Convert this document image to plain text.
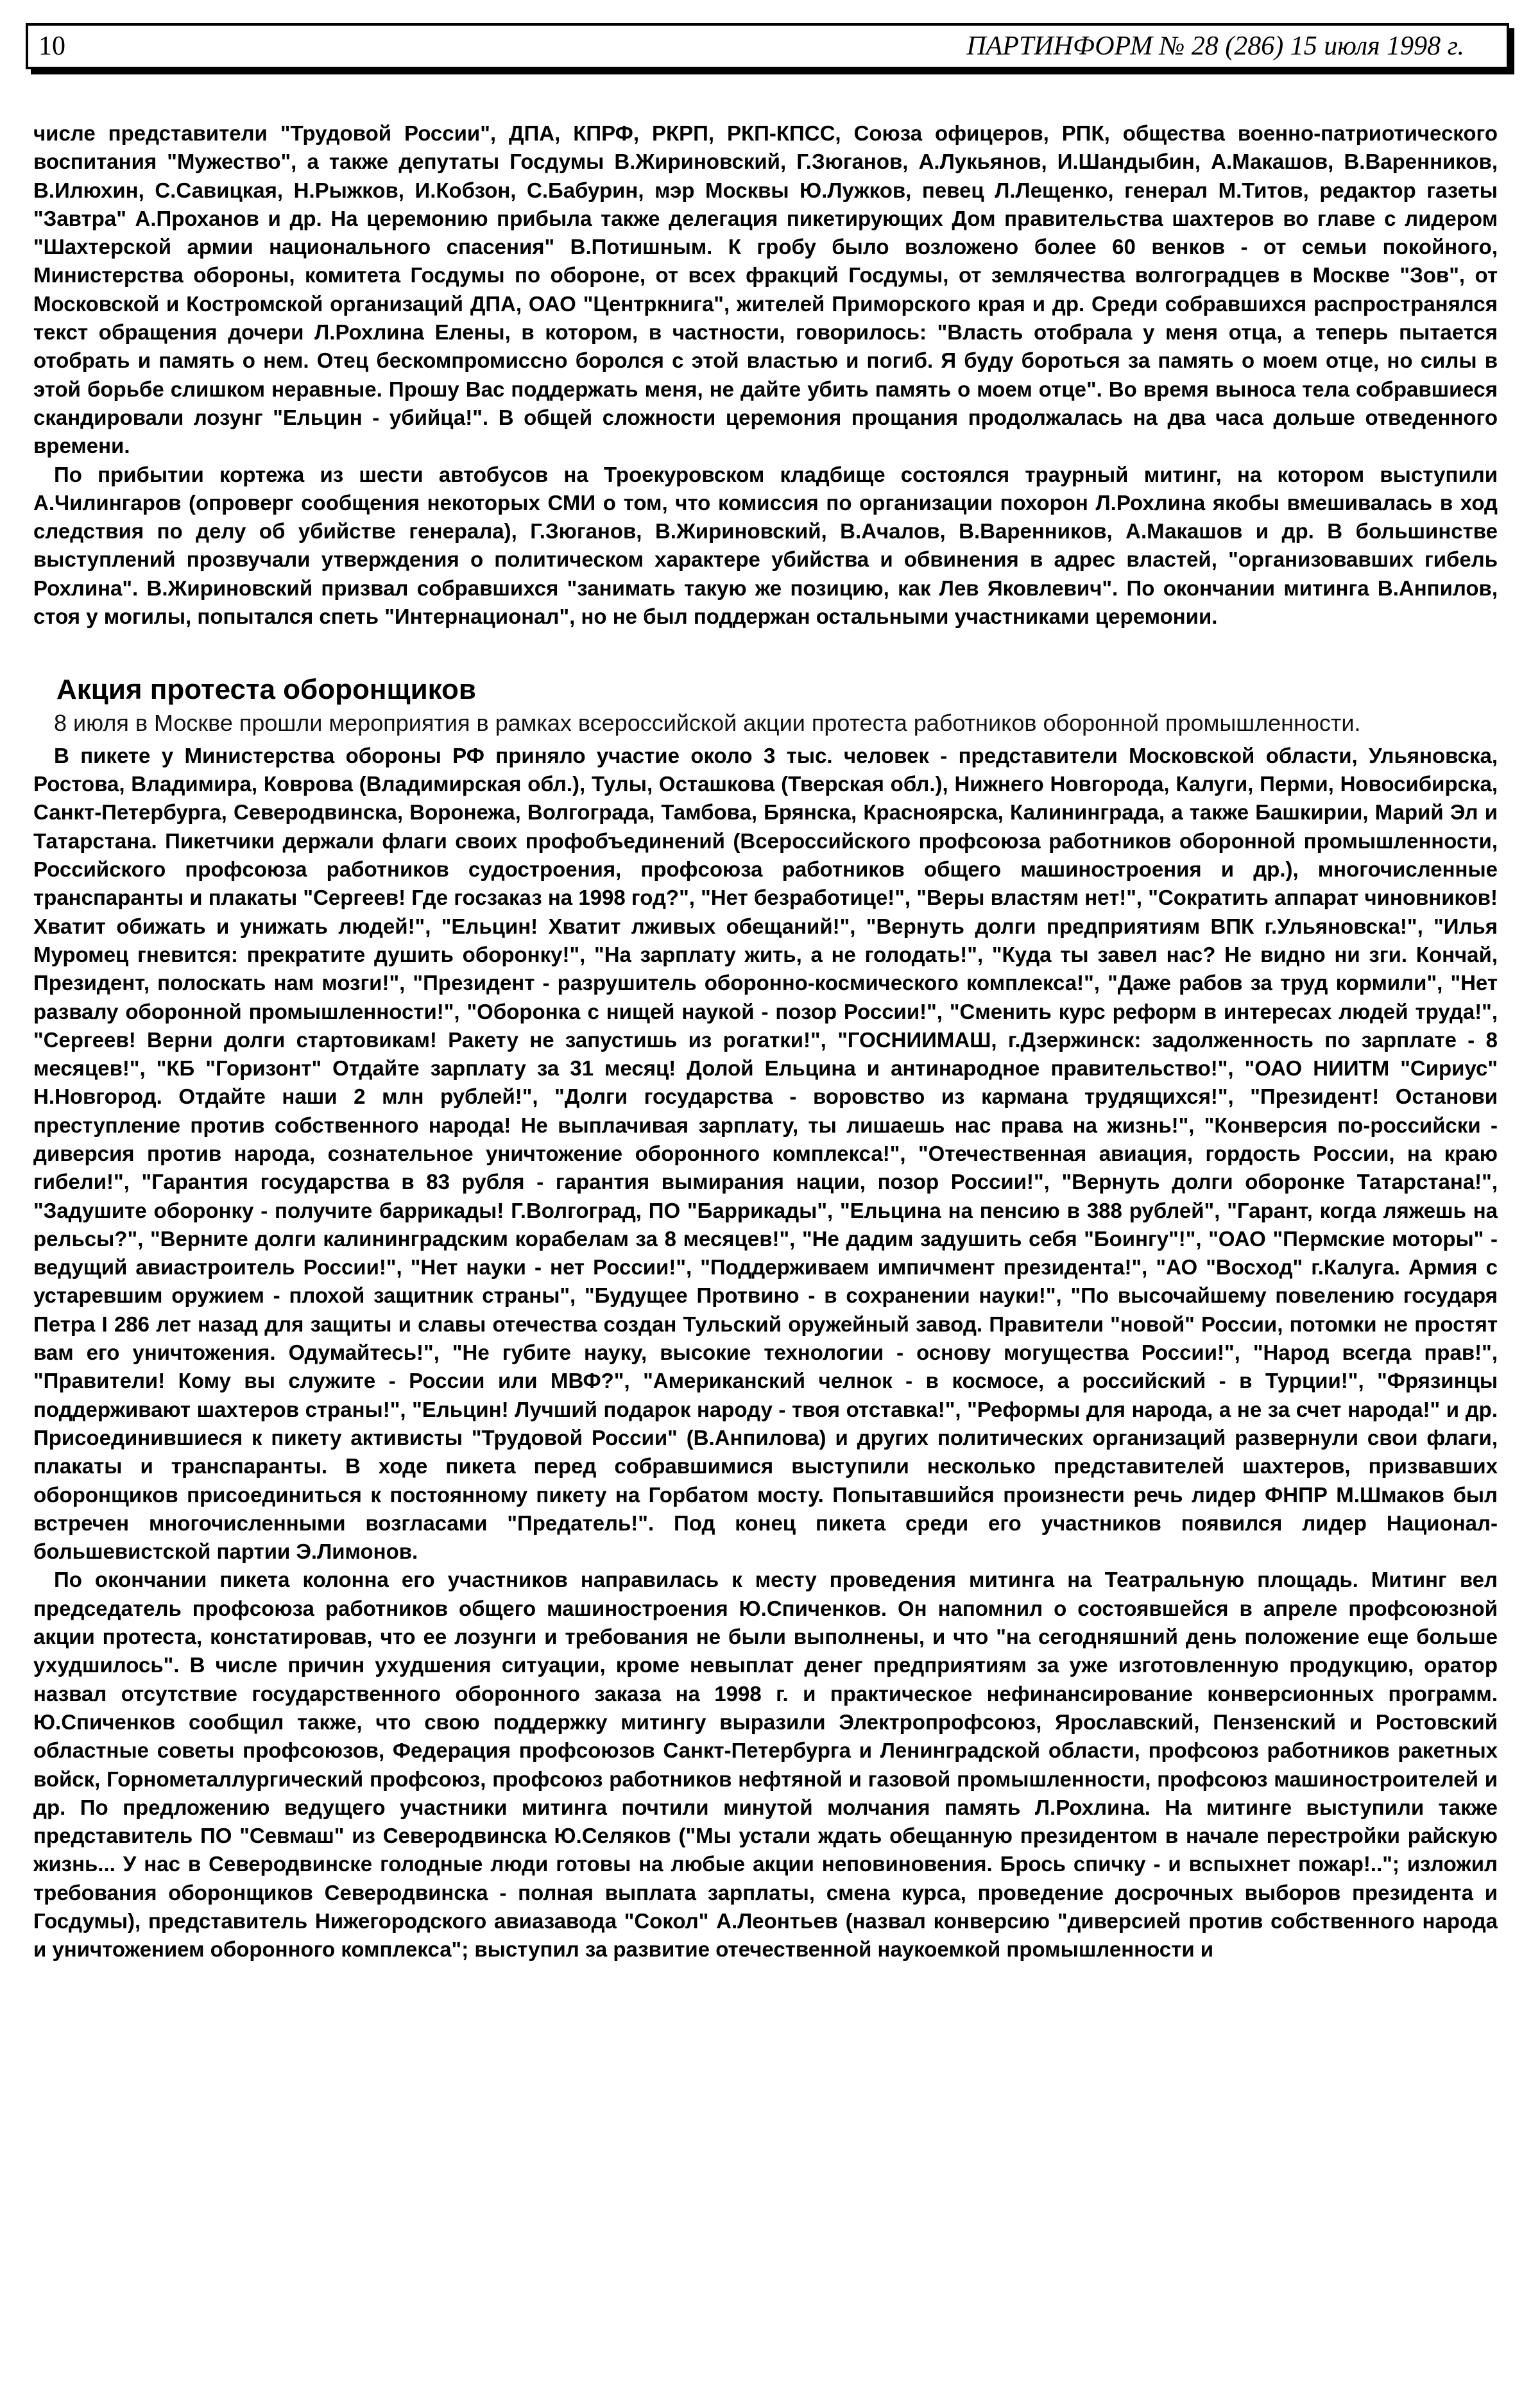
10	ПАРТИНФОРМ № 28 (286) 15 июля 1998 г.

числе представители "Трудовой России", ДПА, КПРФ, РКРП, РКП-КПСС, Союза офицеров, РПК, общества военно-патриотического воспитания "Мужество", а также депутаты Госдумы В.Жириновский, Г.Зюганов, А.Лукьянов, И.Шандыбин, А.Макашов, В.Варенников, В.Илюхин, С.Савицкая, Н.Рыжков, И.Кобзон, С.Бабурин, мэр Москвы Ю.Лужков, певец Л.Лещенко, генерал М.Титов, редактор газеты "Завтра" А.Проханов и др. На церемонию прибыла также делегация пикетирующих Дом правительства шахтеров во главе с лидером "Шахтерской армии национального спасения" В.Потишным. К гробу было возложено более 60 венков - от семьи покойного, Министерства обороны, комитета Госдумы по обороне, от всех фракций Госдумы, от землячества волгоградцев в Москве "Зов", от Московской и Костромской организаций ДПА, ОАО "Центркнига", жителей Приморского края и др. Среди собравшихся распространялся текст обращения дочери Л.Рохлина Елены, в котором, в частности, говорилось: "Власть отобрала у меня отца, а теперь пытается отобрать и память о нем. Отец бескомпромиссно боролся с этой властью и погиб. Я буду бороться за память о моем отце, но силы в этой борьбе слишком неравные. Прошу Вас поддержать меня, не дайте убить память о моем отце". Во время выноса тела собравшиеся скандировали лозунг "Ельцин - убийца!". В общей сложности церемония прощания продолжалась на два часа дольше отведенного времени.

По прибытии кортежа из шести автобусов на Троекуровском кладбище состоялся траурный митинг, на котором выступили А.Чилингаров (опроверг сообщения некоторых СМИ о том, что комиссия по организации похорон Л.Рохлина якобы вмешивалась в ход следствия по делу об убийстве генерала), Г.Зюганов, В.Жириновский, В.Ачалов, В.Варенников, А.Макашов и др. В большинстве выступлений прозвучали утверждения о политическом характере убийства и обвинения в адрес властей, "организовавших гибель Рохлина". В.Жириновский призвал собравшихся "занимать такую же позицию, как Лев Яковлевич". По окончании митинга В.Анпилов, стоя у могилы, попытался спеть "Интернационал", но не был поддержан остальными участниками церемонии.

Акция протеста оборонщиков

8 июля в Москве прошли мероприятия в рамках всероссийской акции протеста работников оборонной промышленности.

В пикете у Министерства обороны РФ приняло участие около 3 тыс. человек - представители Московской области, Ульяновска, Ростова, Владимира, Коврова (Владимирская обл.), Тулы, Осташкова (Тверская обл.), Нижнего Новгорода, Калуги, Перми, Новосибирска, Санкт-Петербурга, Северодвинска, Воронежа, Волгограда, Тамбова, Брянска, Красноярска, Калининграда, а также Башкирии, Марий Эл и Татарстана. Пикетчики держали флаги своих профобъединений (Всероссийского профсоюза работников оборонной промышленности, Российского профсоюза работников судостроения, профсоюза работников общего машиностроения и др.), многочисленные транспаранты и плакаты "Сергеев! Где госзаказ на 1998 год?", "Нет безработице!", "Веры властям нет!", "Сократить аппарат чиновников! Хватит обижать и унижать людей!", "Ельцин! Хватит лживых обещаний!", "Вернуть долги предприятиям ВПК г.Ульяновска!", "Илья Муромец гневится: прекратите душить оборонку!", "На зарплату жить, а не голодать!", "Куда ты завел нас? Не видно ни зги. Кончай, Президент, полоскать нам мозги!", "Президент - разрушитель оборонно-космического комплекса!", "Даже рабов за труд кормили", "Нет развалу оборонной промышленности!", "Оборонка с нищей наукой - позор России!", "Сменить курс реформ в интересах людей труда!", "Сергеев! Верни долги стартовикам! Ракету не запустишь из рогатки!", "ГОСНИИМАШ, г.Дзержинск: задолженность по зарплате - 8 месяцев!", "КБ "Горизонт" Отдайте зарплату за 31 месяц! Долой Ельцина и антинародное правительство!", "ОАО НИИТМ "Сириус" Н.Новгород. Отдайте наши 2 млн рублей!", "Долги государства - воровство из кармана трудящихся!", "Президент! Останови преступление против собственного народа! Не выплачивая зарплату, ты лишаешь нас права на жизнь!", "Конверсия по-российски - диверсия против народа, сознательное уничтожение оборонного комплекса!", "Отечественная авиация, гордость России, на краю гибели!", "Гарантия государства в 83 рубля - гарантия вымирания нации, позор России!", "Вернуть долги оборонке Татарстана!", "Задушите оборонку - получите баррикады! Г.Волгоград, ПО "Баррикады", "Ельцина на пенсию в 388 рублей", "Гарант, когда ляжешь на рельсы?", "Верните долги калининградским корабелам за 8 месяцев!", "Не дадим задушить себя "Боингу"!", "ОАО "Пермские моторы" - ведущий авиастроитель России!", "Нет науки - нет России!", "Поддерживаем импичмент президента!", "АО "Восход" г.Калуга. Армия с устаревшим оружием - плохой защитник страны", "Будущее Протвино - в сохранении науки!", "По высочайшему повелению государя Петра I 286 лет назад для защиты и славы отечества создан Тульский оружейный завод. Правители "новой" России, потомки не простят вам его уничтожения. Одумайтесь!", "Не губите науку, высокие технологии - основу могущества России!", "Народ всегда прав!", "Правители! Кому вы служите - России или МВФ?", "Американский челнок - в космосе, а российский - в Турции!", "Фрязинцы поддерживают шахтеров страны!", "Ельцин! Лучший подарок народу - твоя отставка!", "Реформы для народа, а не за счет народа!" и др. Присоединившиеся к пикету активисты "Трудовой России" (В.Анпилова) и других политических организаций развернули свои флаги, плакаты и транспаранты. В ходе пикета перед собравшимися выступили несколько представителей шахтеров, призвавших оборонщиков присоединиться к постоянному пикету на Горбатом мосту. Попытавшийся произнести речь лидер ФНПР М.Шмаков был встречен многочисленными возгласами "Предатель!". Под конец пикета среди его участников появился лидер Национал-большевистской партии Э.Лимонов.

По окончании пикета колонна его участников направилась к месту проведения митинга на Театральную площадь. Митинг вел председатель профсоюза работников общего машиностроения Ю.Спиченков. Он напомнил о состоявшейся в апреле профсоюзной акции протеста, констатировав, что ее лозунги и требования не были выполнены, и что "на сегодняшний день положение еще больше ухудшилось". В числе причин ухудшения ситуации, кроме невыплат денег предприятиям за уже изготовленную продукцию, оратор назвал отсутствие государственного оборонного заказа на 1998 г. и практическое нефинансирование конверсионных программ. Ю.Спиченков сообщил также, что свою поддержку митингу выразили Электропрофсоюз, Ярославский, Пензенский и Ростовский областные советы профсоюзов, Федерация профсоюзов Санкт-Петербурга и Ленинградской области, профсоюз работников ракетных войск, Горнометаллургический профсоюз, профсоюз работников нефтяной и газовой промышленности, профсоюз машиностроителей и др. По предложению ведущего участники митинга почтили минутой молчания память Л.Рохлина. На митинге выступили также представитель ПО "Севмаш" из Северодвинска Ю.Селяков ("Мы устали ждать обещанную президентом в начале перестройки райскую жизнь... У нас в Северодвинске голодные люди готовы на любые акции неповиновения. Брось спичку - и вспыхнет пожар!.."; изложил требования оборонщиков Северодвинска - полная выплата зарплаты, смена курса, проведение досрочных выборов президента и Госдумы), представитель Нижегородского авиазавода "Сокол" А.Леонтьев (назвал конверсию "диверсией против собственного народа и уничтожением оборонного комплекса"; выступил за развитие отечественной наукоемкой промышленности и
